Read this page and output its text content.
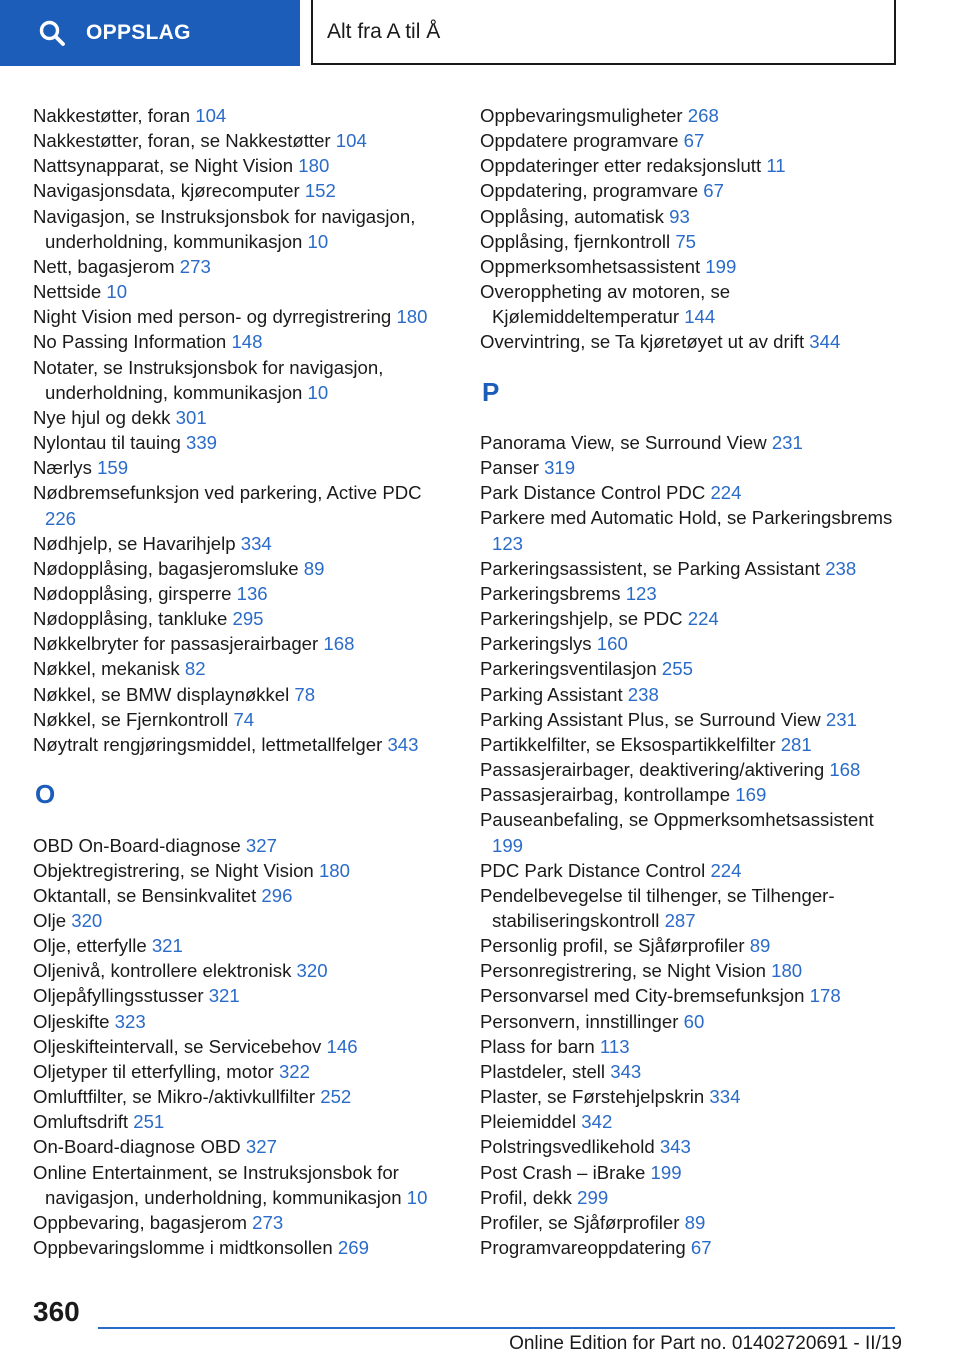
OPPSLAG	Alt fra A til Å
Nakkestøtter, foran 104
Nakkestøtter, foran, se Nakkestøtter 104
Nattsynapparat, se Night Vision 180
Navigasjonsdata, kjørecomputer 152
Navigasjon, se Instruksjonsbok for navigasjon, underholdning, kommunikasjon 10
Nett, bagasjerom 273
Nettside 10
Night Vision med person- og dyrregistrering 180
No Passing Information 148
Notater, se Instruksjonsbok for navigasjon, underholdning, kommunikasjon 10
Nye hjul og dekk 301
Nylontau til tauing 339
Nærlys 159
Nødbremsefunksjon ved parkering, Active PDC 226
Nødhjelp, se Havarihjelp 334
Nødopplåsing, bagasjeromsluke 89
Nødopplåsing, girsperre 136
Nødopplåsing, tankluke 295
Nøkkelbryter for passasjerairbager 168
Nøkkel, mekanisk 82
Nøkkel, se BMW displaynøkkel 78
Nøkkel, se Fjernkontroll 74
Nøytralt rengjøringsmiddel, lettmetallfelger 343
O
OBD On-Board-diagnose 327
Objektregistrering, se Night Vision 180
Oktantall, se Bensinkvalitet 296
Olje 320
Olje, etterfylle 321
Oljenivå, kontrollere elektronisk 320
Oljepåfyllingsstusser 321
Oljeskifte 323
Oljeskifteintervall, se Servicebehov 146
Oljetyper til etterfylling, motor 322
Omluftfilter, se Mikro-/aktivkullfilter 252
Omluftsdrift 251
On-Board-diagnose OBD 327
Online Entertainment, se Instruksjonsbok for navigasjon, underholdning, kommunikasjon 10
Oppbevaring, bagasjerom 273
Oppbevaringslomme i midtkonsollen 269
Oppbevaringsmuligheter 268
Oppdatere programvare 67
Oppdateringer etter redaksjonslutt 11
Oppdatering, programvare 67
Opplåsing, automatisk 93
Opplåsing, fjernkontroll 75
Oppmerksomhetsassistent 199
Overoppheting av motoren, se Kjølemiddeltemperatur 144
Overvintring, se Ta kjøretøyet ut av drift 344
P
Panorama View, se Surround View 231
Panser 319
Park Distance Control PDC 224
Parkere med Automatic Hold, se Parkeringsbrems 123
Parkeringsassistent, se Parking Assistant 238
Parkeringsbrems 123
Parkeringshjelp, se PDC 224
Parkeringslys 160
Parkeringsventilasjon 255
Parking Assistant 238
Parking Assistant Plus, se Surround View 231
Partikkelfilter, se Eksospartikkelfilter 281
Passasjerairbager, deaktivering/aktivering 168
Passasjerairbag, kontrollampe 169
Pauseanbefaling, se Oppmerksomhetsassistent 199
PDC Park Distance Control 224
Pendelbevegelse til tilhenger, se Tilhenger-stabiliseringskontroll 287
Personlig profil, se Sjåførprofiler 89
Personregistrering, se Night Vision 180
Personvarsel med City-bremsefunksjon 178
Personvern, innstillinger 60
Plass for barn 113
Plastdeler, stell 343
Plaster, se Førstehjelpskrin 334
Pleiemiddel 342
Polstringsvedlikehold 343
Post Crash – iBrake 199
Profil, dekk 299
Profiler, se Sjåførprofiler 89
Programvareoppdatering 67
360
Online Edition for Part no. 01402720691 - II/19
